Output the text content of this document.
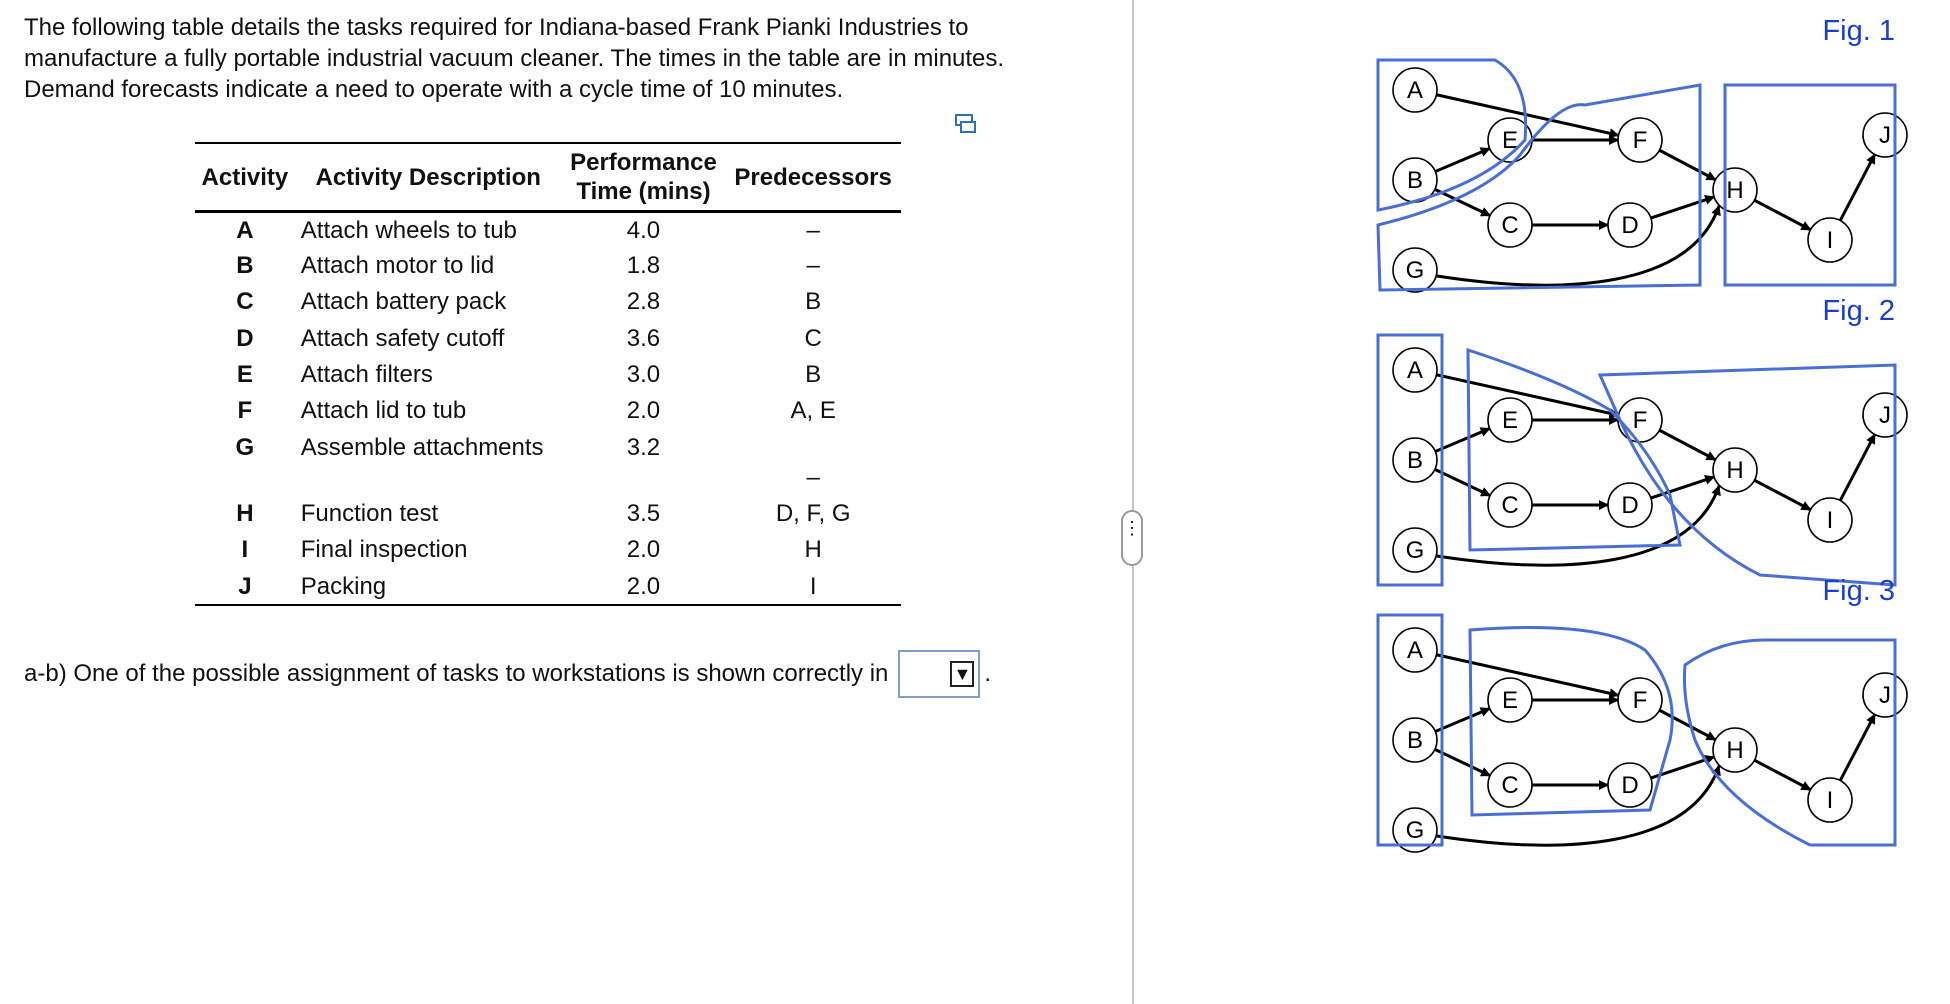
The following table details the tasks required for Indiana-based Frank Pianki Industries to manufacture a fully portable industrial vacuum cleaner. The times in the table are in minutes. Demand forecasts indicate a need to operate with a cycle time of 10 minutes.

Activity	Activity Description	Performance Time (mins)	Predecessors
A	Attach wheels to tub	4.0	–
B	Attach motor to lid	1.8	–
C	Attach battery pack	2.8	B
D	Attach safety cutoff	3.6	C
E	Attach filters	3.0	B
F	Attach lid to tub	2.0	A, E
G	Assemble attachments	3.2	–
H	Function test	3.5	D, F, G
I	Final inspection	2.0	H
J	Packing	2.0	I
a-b) One of the possible assignment of tasks to workstations is shown correctly in	▼ .
⋮
A
B
C	D
E	F
G
H
I
J
Fig. 1
A
B
C	D
E	F
G
H
I
J
Fig. 2
A
B
C	D
E	F
G
H
I
J
Fig. 3
